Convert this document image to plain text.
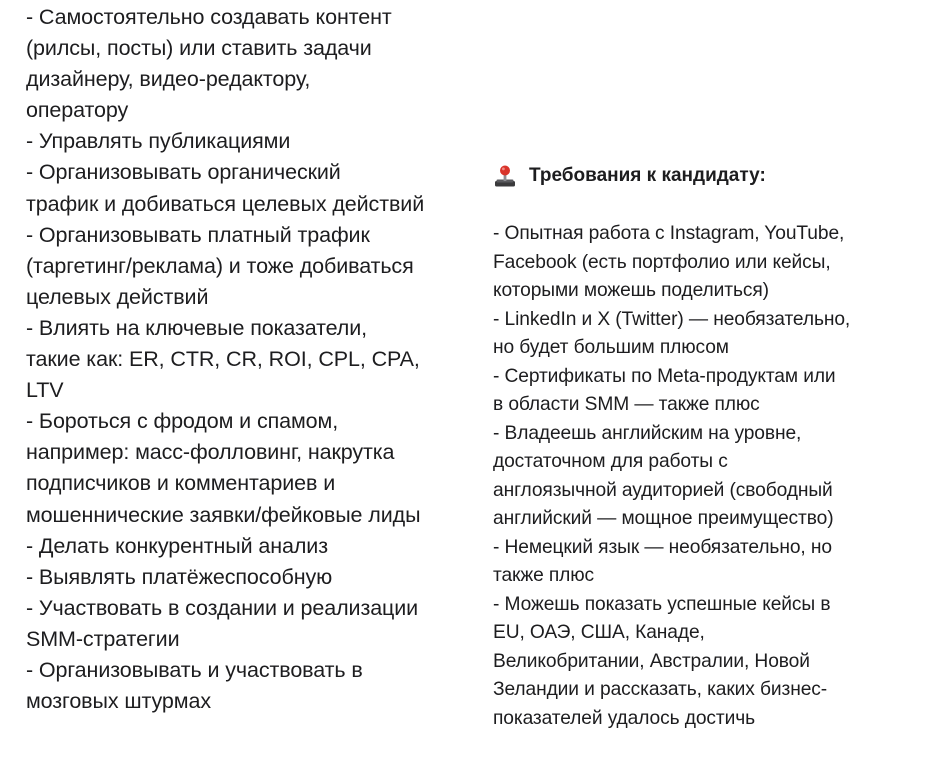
- Самостоятельно создавать контент
(рилсы, посты) или ставить задачи
дизайнеру, видео-редактору,
оператору
- Управлять публикациями
- Организовывать органический
трафик и добиваться целевых действий
- Организовывать платный трафик
(таргетинг/реклама) и тоже добиваться
целевых действий
- Влиять на ключевые показатели,
такие как: ER, CTR, CR, ROI, CPL, CPA,
LTV
- Бороться с фродом и спамом,
например: масс-фолловинг, накрутка
подписчиков и комментариев и
мошеннические заявки/фейковые лиды
- Делать конкурентный анализ
- Выявлять платёжеспособную
- Участвовать в создании и реализации
SMM-стратегии
- Организовывать и участвовать в
мозговых штурмах
Требования к кандидату:
- Опытная работа с Instagram, YouTube,
Facebook (есть портфолио или кейсы,
которыми можешь поделиться)
- LinkedIn и X (Twitter) — необязательно,
но будет большим плюсом
- Сертификаты по Meta-продуктам или
в области SMM — также плюс
- Владеешь английским на уровне,
достаточном для работы с
англоязычной аудиторией (свободный
английский — мощное преимущество)
- Немецкий язык — необязательно, но
также плюс
- Можешь показать успешные кейсы в
EU, ОАЭ, США, Канаде,
Великобритании, Австралии, Новой
Зеландии и рассказать, каких бизнес-
показателей удалось достичь
